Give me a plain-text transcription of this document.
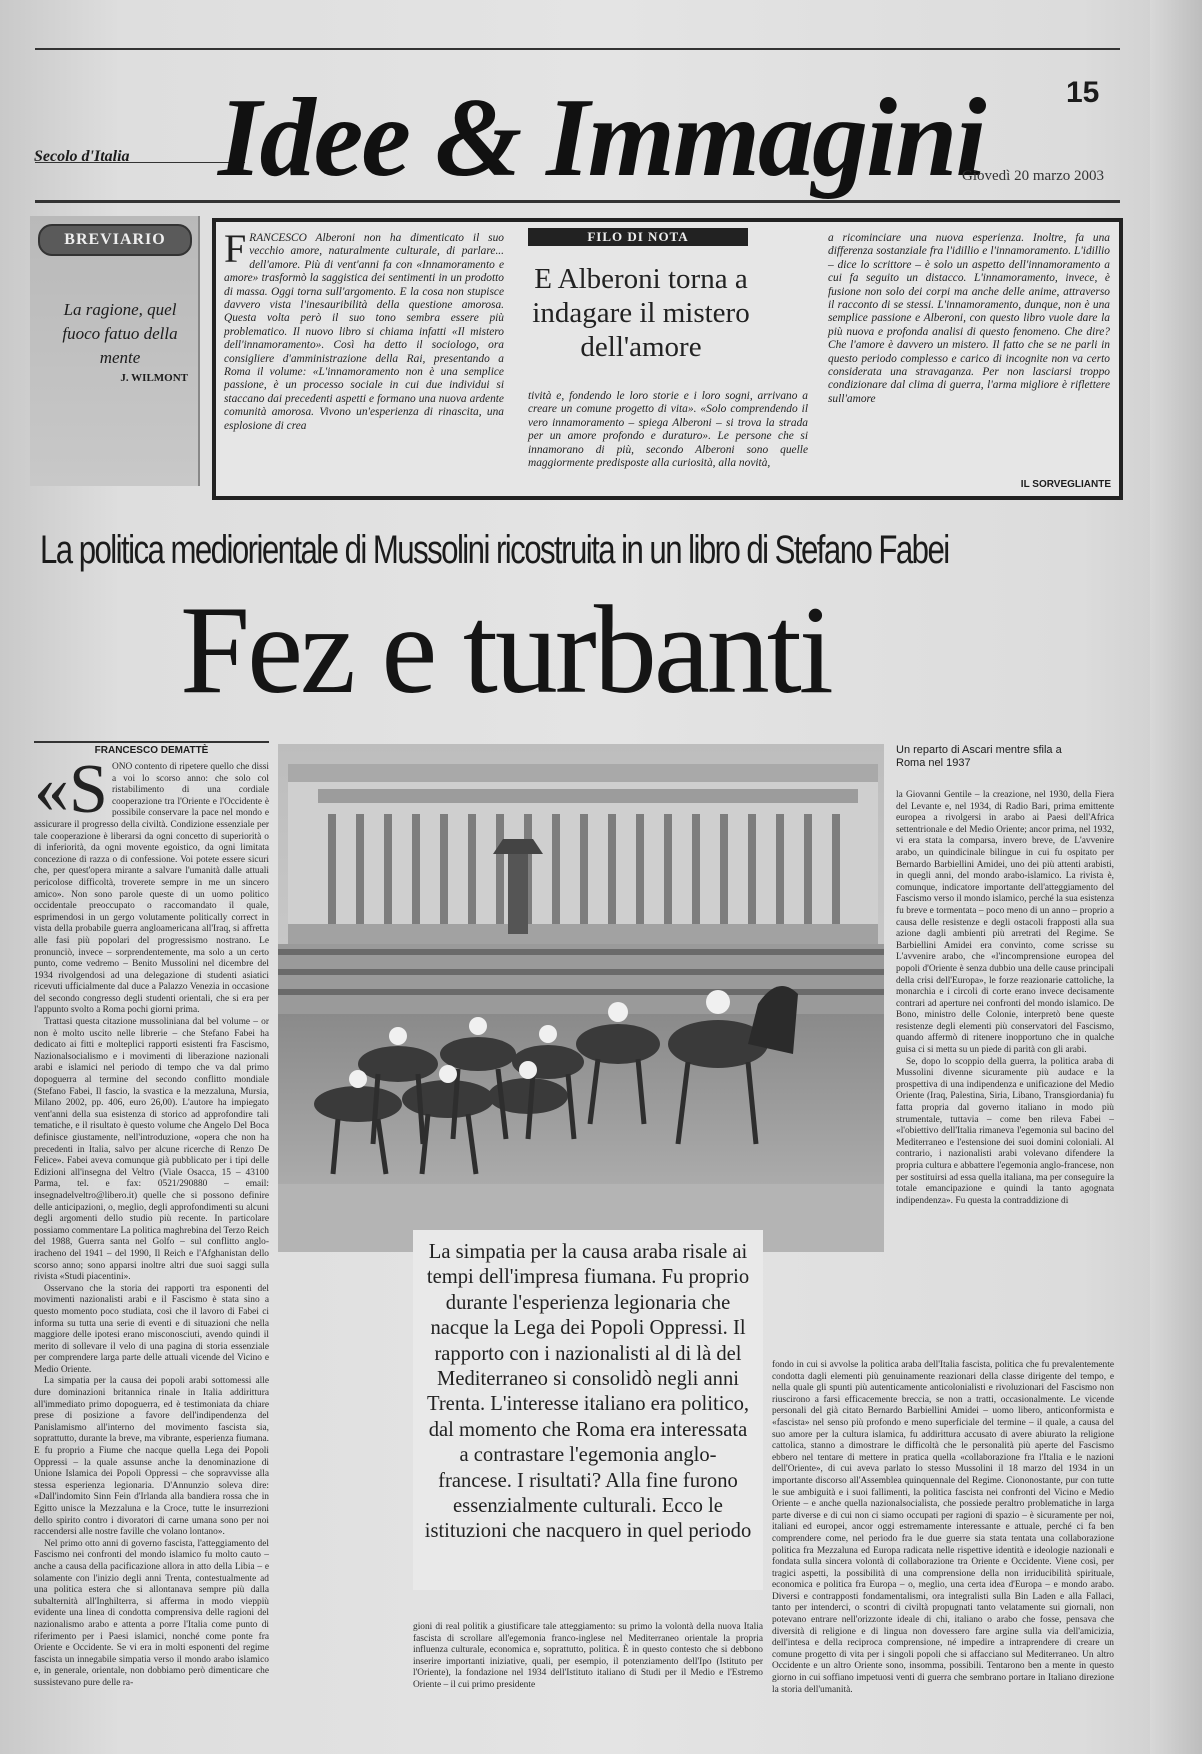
Secolo d'Italia Idee & Immagini	15
Giovedì 20 marzo 2003
BREVIARIO
La ragione, quel fuoco fatuo della mente
J. WILMONT
FRANCESCO Alberoni non ha dimenticato il suo vecchio amore, naturalmente culturale, di parlare... dell'amore. Più di vent'anni fa con «Innamoramento e amore» trasformò la saggistica dei sentimenti in un prodotto di massa. Oggi torna sull'argomento. E la cosa non stupisce davvero vista l'inesauribilità della questione amorosa. Questa volta però il suo tono sembra essere più problematico. Il nuovo libro si chiama infatti «Il mistero dell'innamoramento». Così ha detto il sociologo, ora consigliere d'amministrazione della Rai, presentando a Roma il volume: «L'innamoramento non è una semplice passione, è un processo sociale in cui due individui si staccano dai precedenti aspetti e formano una nuova ardente comunità amorosa. Vivono un'esperienza di rinascita, una esplosione di crea
FILO DI NOTA
E Alberoni torna a indagare il mistero dell'amore
tività e, fondendo le loro storie e i loro sogni, arrivano a creare un comune progetto di vita». «Solo comprendendo il vero innamoramento – spiega Alberoni – si trova la strada per un amore profondo e duraturo». Le persone che si innamorano di più, secondo Alberoni sono quelle maggiormente predisposte alla curiosità, alla novità,
a ricominciare una nuova esperienza. Inoltre, fa una differenza sostanziale fra l'idillio e l'innamoramento. L'idillio – dice lo scrittore – è solo un aspetto dell'innamoramento a cui fa seguito un distacco. L'innamoramento, invece, è fusione non solo dei corpi ma anche delle anime, attraverso il racconto di se stessi. L'innamoramento, dunque, non è una semplice passione e Alberoni, con questo libro vuole dare la più nuova e profonda analisi di questo fenomeno. Che dire? Che l'amore è davvero un mistero. Il fatto che se ne parli in questo periodo complesso e carico di incognite non va certo considerata una stravaganza. Per non lasciarsi troppo condizionare dal clima di guerra, l'arma migliore è riflettere sull'amore
IL SORVEGLIANTE
La politica mediorientale di Mussolini ricostruita in un libro di Stefano Fabei
Fez e turbanti
FRANCESCO DEMATTÈ
«S ONO contento di ripetere quello che dissi a voi lo scorso anno: che solo col ristabilimento di una cordiale cooperazione tra l'Oriente e l'Occidente è possibile conservare la pace nel mondo e assicurare il progresso della civiltà. Condizione essenziale per tale cooperazione è liberarsi da ogni concetto di superiorità o di inferiorità, da ogni movente egoistico, da ogni limitata concezione di razza o di confessione. Voi potete essere sicuri che, per quest'opera mirante a salvare l'umanità dalle attuali pericolose difficoltà, troverete sempre in me un sincero amico». Non sono parole queste di un uomo politico occidentale preoccupato o raccomandato il quale, esprimendosi in un gergo volutamente politically correct in vista della probabile guerra angloamericana all'Iraq, si affretta alle fasi più popolari del progressismo nostrano. Le pronunciò, invece – sorprendentemente, ma solo a un certo punto, come vedremo – Benito Mussolini nel dicembre del 1934 rivolgendosi ad una delegazione di studenti asiatici ricevuti ufficialmente dal duce a Palazzo Venezia in occasione del secondo congresso degli studenti orientali, che si era per l'appunto svolto a Roma pochi giorni prima.

Trattasi questa citazione mussoliniana dal bel volume – or non è molto uscito nelle librerie – che Stefano Fabei ha dedicato ai fitti e molteplici rapporti esistenti fra Fascismo, Nazionalsocialismo e i movimenti di liberazione nazionali arabi e islamici nel periodo di tempo che va dal primo dopoguerra al termine del secondo conflitto mondiale (Stefano Fabei, Il fascio, la svastica e la mezzaluna, Mursia, Milano 2002, pp. 406, euro 26,00). L'autore ha impiegato vent'anni della sua esistenza di storico ad approfondire tali tematiche, e il risultato è questo volume che Angelo Del Boca definisce giustamente, nell'introduzione, «opera che non ha precedenti in Italia, salvo per alcune ricerche di Renzo De Felice». Fabei aveva comunque già pubblicato per i tipi delle Edizioni all'insegna del Veltro (Viale Osacca, 15 – 43100 Parma, tel. e fax: 0521/290880 – email: insegnadelveltro@libero.it) quelle che si possono definire delle anticipazioni, o, meglio, degli approfondimenti su alcuni degli argomenti dello studio più recente. In particolare possiamo commentare La politica maghrebina del Terzo Reich del 1988, Guerra santa nel Golfo – sul conflitto anglo-iracheno del 1941 – del 1990, Il Reich e l'Afghanistan dello scorso anno; sono apparsi inoltre altri due suoi saggi sulla rivista «Studi piacentini».

Osservano che la storia dei rapporti tra esponenti del movimenti nazionalisti arabi e il Fascismo è stata sino a questo momento poco studiata, così che il lavoro di Fabei ci informa su tutta una serie di eventi e di situazioni che nella maggiore delle ipotesi erano misconosciuti, avendo quindi il merito di sollevare il velo di una pagina di storia essenziale per comprendere larga parte delle attuali vicende del Vicino e Medio Oriente.

La simpatia per la causa dei popoli arabi sottomessi alle dure dominazioni britannica rinale in Italia addirittura all'immediato primo dopoguerra, ed è testimoniata da chiare prese di posizione a favore dell'indipendenza del Panislamismo all'interno del movimento fascista sia, soprattutto, durante la breve, ma vibrante, esperienza fiumana. E fu proprio a Fiume che nacque quella Lega dei Popoli Oppressi – la quale assunse anche la denominazione di Unione Islamica dei Popoli Oppressi – che sopravvisse alla stessa esperienza legionaria. D'Annunzio soleva dire: «Dall'indomito Sinn Fein d'Irlanda alla bandiera rossa che in Egitto unisce la Mezzaluna e la Croce, tutte le insurrezioni dello spirito contro i divoratori di carne umana sono per noi raccendersi alle nostre faville che volano lontano».

Nel primo otto anni di governo fascista, l'atteggiamento del Fascismo nei confronti del mondo islamico fu molto cauto – anche a causa della pacificazione allora in atto della Libia – e solamente con l'inizio degli anni Trenta, contestualmente ad una politica estera che si allontanava sempre più dalla subalternità all'Inghilterra, si afferma in modo vieppiù evidente una linea di condotta comprensiva delle ragioni del nazionalismo arabo e attenta a porre l'Italia come punto di riferimento per i Paesi islamici, nonché come ponte fra Oriente e Occidente. Se vi era in molti esponenti del regime fascista un innegabile simpatia verso il mondo arabo islamico e, in generale, orientale, non dobbiamo però dimenticare che sussistevano pure delle ra-

Un reparto di Ascari mentre sfila a Roma nel 1937

la Giovanni Gentile – la creazione, nel 1930, della Fiera del Levante e, nel 1934, di Radio Bari, prima emittente europea a rivolgersi in arabo ai Paesi dell'Africa settentrionale e del Medio Oriente; ancor prima, nel 1932, vi era stata la comparsa, invero breve, de L'avvenire arabo, un quindicinale bilingue in cui fu ospitato per Bernardo Barbiellini Amidei, uno dei più attenti arabisti, in quegli anni, del mondo arabo-islamico. La rivista è, comunque, indicatore importante dell'atteggiamento del Fascismo verso il mondo islamico, perché la sua esistenza fu breve e tormentata – poco meno di un anno – proprio a causa delle resistenze e degli ostacoli frapposti alla sua azione dagli ambienti più arretrati del Regime. Se Barbiellini Amidei era convinto, come scrisse su L'avvenire arabo, che «l'incomprensione europea del popoli d'Oriente è senza dubbio una delle cause principali della crisi dell'Europa», le forze reazionarie cattoliche, la monarchia e i circoli di corte erano invece decisamente contrari ad aperture nei confronti del mondo islamico. De Bono, ministro delle Colonie, interpretò bene queste resistenze degli elementi più conservatori del Fascismo, quando affermò di ritenere inopportuno che in qualche guisa ci si metta su un piede di parità con gli arabi.

Se, dopo lo scoppio della guerra, la politica araba di Mussolini divenne sicuramente più audace e la prospettiva di una indipendenza e unificazione del Medio Oriente (Iraq, Palestina, Siria, Libano, Transgiordania) fu fatta propria dal governo italiano in modo più strumentale, tuttavia – come ben rileva Fabei – «l'obiettivo dell'Italia rimaneva l'egemonia sul bacino del Mediterraneo e l'estensione dei suoi domini coloniali. Al contrario, i nazionalisti arabi volevano difendere la propria cultura e abbattere l'egemonia anglo-francese, non per sostituirsi ad essa quella italiana, ma per conseguire la totale emancipazione e quindi la tanto agognata indipendenza». Fu questa la contraddizione di

fondo in cui si avvolse la politica araba dell'Italia fascista, politica che fu prevalentemente condotta dagli elementi più genuinamente reazionari della classe dirigente del tempo, e nella quale gli spunti più autenticamente anticolonialisti e rivoluzionari del Fascismo non riuscirono a farsi efficacemente breccia, se non a tratti, occasionalmente. Le vicende personali del già citato Bernardo Barbiellini Amidei – uomo libero, anticonformista e «fascista» nel senso più profondo e meno superficiale del termine – il quale, a causa del suo amore per la cultura islamica, fu addirittura accusato di avere abiurato la religione cattolica, stanno a dimostrare le difficoltà che le personalità più aperte del Fascismo ebbero nel tentare di mettere in pratica quella «collaborazione fra l'Italia e le nazioni dell'Oriente», di cui aveva parlato lo stesso Mussolini il 18 marzo del 1934 in un importante discorso all'Assemblea quinquennale del Regime. Ciononostante, pur con tutte le sue ambiguità e i suoi fallimenti, la politica fascista nei confronti del Vicino e Medio Oriente – e anche quella nazionalsocialista, che possiede peraltro problematiche in larga parte diverse e di cui non ci siamo occupati per ragioni di spazio – è sicuramente per noi, italiani ed europei, ancor oggi estremamente interessante e attuale, perché ci fa ben comprendere come, nel periodo fra le due guerre sia stata tentata una collaborazione politica fra Mezzaluna ed Europa radicata nelle rispettive identità e ideologie nazionali e fondata sulla sincera volontà di collaborazione tra Oriente e Occidente. Viene così, per tragici aspetti, la possibilità di una comprensione della non irriducibilità spirituale, economica e politica fra Europa – o, meglio, una certa idea d'Europa – e mondo arabo. Diversi e contrapposti fondamentalismi, ora integralisti sulla Bin Laden e alla Fallaci, tanto per intenderci, o scontri di civiltà propugnati tanto velatamente sui giornali, non potevano entrare nell'orizzonte ideale di chi, italiano o arabo che fosse, pensava che diversità di religione e di lingua non dovessero fare argine sulla via dell'amicizia, dell'intesa e della reciproca comprensione, né impedire a intraprendere di creare un comune progetto di vita per i singoli popoli che si affacciano sul Mediterraneo. Un altro Occidente e un altro Oriente sono, insomma, possibili. Tentarono ben a mente in questo giorno in cui soffiano impetuosi venti di guerra che sembrano portare in Italiano direzione la storia dell'umanità.
La simpatia per la causa araba risale ai tempi dell'impresa fiumana. Fu proprio durante l'esperienza legionaria che nacque la Lega dei Popoli Oppressi. Il rapporto con i nazionalisti al di là del Mediterraneo si consolidò negli anni Trenta. L'interesse italiano era politico, dal momento che Roma era interessata a contrastare l'egemonia anglo-francese. I risultati? Alla fine furono essenzialmente culturali. Ecco le istituzioni che nacquero in quel periodo
gioni di real politik a giustificare tale atteggiamento: su primo la volontà della nuova Italia fascista di scrollare all'egemonia franco-inglese nel Mediterraneo orientale la propria influenza culturale, economica e, soprattutto, politica. È in questo contesto che si debbono inserire importanti iniziative, quali, per esempio, il potenziamento dell'Ipo (Istituto per l'Oriente), la fondazione nel 1934 dell'Istituto italiano di Studi per il Medio e l'Estremo Oriente – il cui primo presidente
